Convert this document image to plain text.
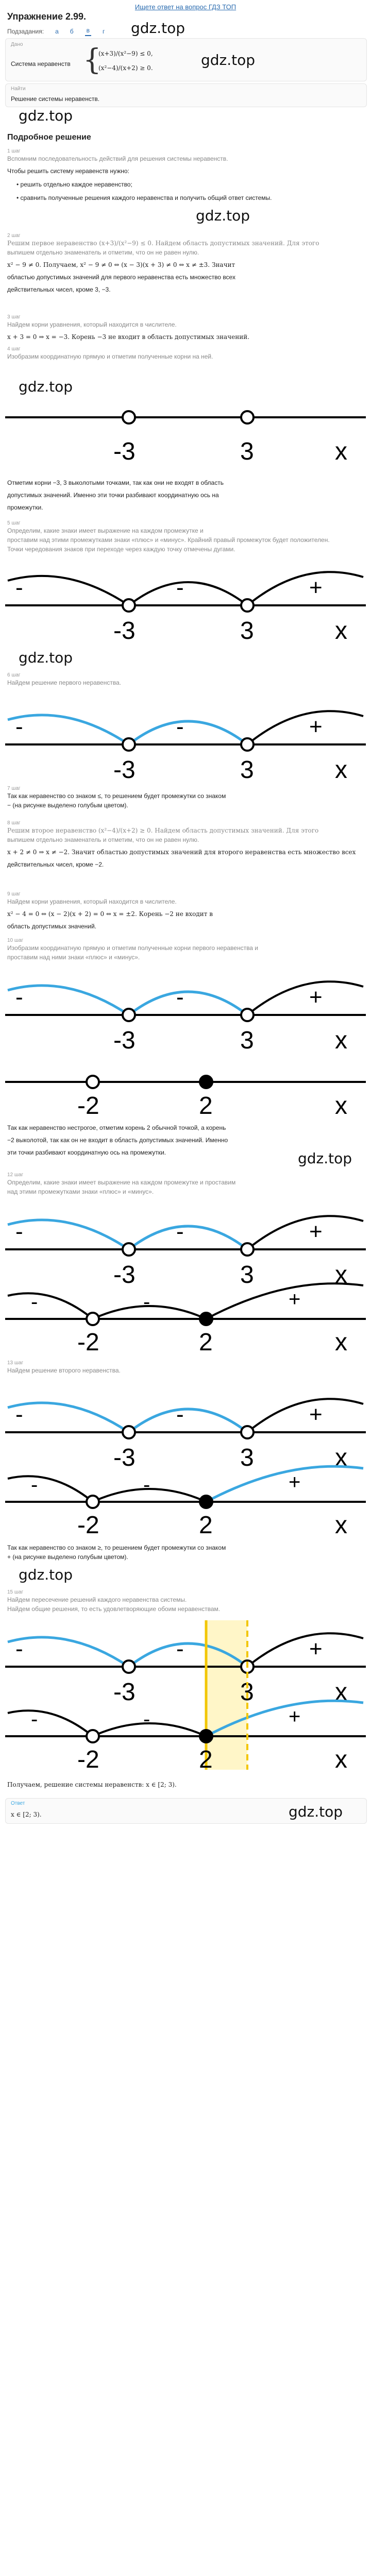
Ищете ответ на вопрос ГДЗ ТОП
Упражнение 2.99.
Подзадания: а б в г gdz.top
Дано
Система неравенств {
(x+3)/(x²−9) ≤ 0,
(x²−4)/(x+2) ≥ 0.	gdz.top
Найти
Решение системы неравенств.
gdz.top
Подробное решение
1 шаг
Вспомним последовательность действий для решения системы неравенств.
Чтобы решить систему неравенств нужно:
• решить отдельно каждое неравенство;
• сравнить полученные решения каждого неравенства и получить общий ответ системы.
gdz.top
2 шаг
Решим первое неравенство (x+3)/(x²−9) ≤ 0. Найдем область допустимых значений. Для этого
выпишем отдельно знаменатель и отметим, что он не равен нулю.
x² − 9 ≠ 0. Получаем, x² − 9 ≠ 0 ⇔ (x − 3)(x + 3) ≠ 0 ⇔ x ≠ ±3. Значит
областью допустимых значений для первого неравенства есть множество всех
действительных чисел, кроме 3, −3.
3 шаг
Найдем корни уравнения, который находится в числителе.
x + 3 = 0 ⇒ x = −3. Корень −3 не входит в область допустимых значений.
4 шаг
Изобразим координатную прямую и отметим полученные корни на ней.
gdz.top
-3	3	x
Отметим корни −3, 3 выколотыми точками, так как они не входят в область
допустимых значений. Именно эти точки разбивают координатную ось на
промежутки.
5 шаг
Определим, какие знаки имеет выражение на каждом промежутке и
проставим над этими промежутками знаки «плюс» и «минус». Крайний правый промежуток будет положителен.
Точки чередования знаков при переходе через каждую точку отмечены дугами.
-	-	+
-3	3	x
gdz.top
6 шаг
Найдем решение первого неравенства.
-	-	+
-3	3	x
7 шаг
Так как неравенство со знаком ≤, то решением будет промежутки со знаком
− (на рисунке выделено голубым цветом).
8 шаг
Решим второе неравенство (x²−4)/(x+2) ≥ 0. Найдем область допустимых значений. Для этого
выпишем отдельно знаменатель и отметим, что он не равен нулю.
x + 2 ≠ 0 ⇒ x ≠ −2. Значит областью допустимых значений для второго неравенства есть множество всех
действительных чисел, кроме −2.
9 шаг
Найдем корни уравнения, который находится в числителе.
x² − 4 = 0 ⇔ (x − 2)(x + 2) = 0 ⇔ x = ±2. Корень −2 не входит в
область допустимых значений.
10 шаг
Изобразим координатную прямую и отметим полученные корни первого неравенства и
проставим над ними знаки «плюс» и «минус».
-	-	+
-3	3	x
-2	2	x
Так как неравенство нестрогое, отметим корень 2 обычной точкой, а корень
−2 выколотой, так как он не входит в область допустимых значений. Именно
эти точки разбивают координатную ось на промежутки.	gdz.top
12 шаг
Определим, какие знаки имеет выражение на каждом промежутке и проставим
над этими промежутками знаки «плюс» и «минус».
-	-	+
-3	3	x
-	-	+
-2	2	x
13 шаг
Найдем решение второго неравенства.
-	-	+
-3	3	x
-	-	+
-2	2	x
Так как неравенство со знаком ≥, то решением будет промежутки со знаком
+ (на рисунке выделено голубым цветом).
gdz.top
15 шаг
Найдем пересечение решений каждого неравенства системы.
Найдем общие решения, то есть удовлетворяющие обоим неравенствам.
-	-	+
-3	3	x
-	-	+
-2	2	x
Получаем, решение системы неравенств: x ∈ [2; 3).
Ответ
x ∈ [2; 3).	gdz.top
